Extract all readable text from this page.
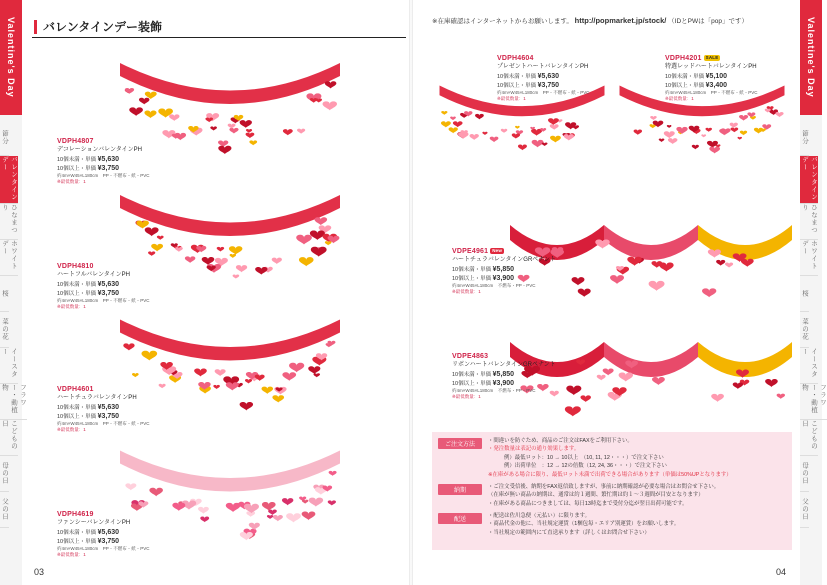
Valentine's Day
節分
バレンタインデー
ひなまつり
ホワイトデー
桜
菜の花
イースター
フラワー・動植物
こどもの日
母の日
父の日
03
バレンタインデー装飾	Valentine's Day
節分
バレンタインデー
ひなまつり
ホワイトデー
桜
菜の花
イースター
フラワー・動植物
こどもの日
母の日
父の日
04
※在庫確認はインターネットからお願いします。 http://popmarket.jp/stock/ （IDとPWは「pop」です）
VDPH4807
デコレーションバレンタインPH
10個未満・単価 ¥5,630
10個以上・単価 ¥3,750
約4m×W45×L180cm　PP・不燃布・紙・PVC
※最低数量：1
VDPH4810
ハートフルバレンタインPH
10個未満・単価 ¥5,630
10個以上・単価 ¥3,750
約4m×W45×L180cm　PP・不燃布・紙・PVC
※最低数量：1
VDPH4601
ハートチュラバレンタインPH
10個未満・単価 ¥5,630
10個以上・単価 ¥3,750
約4m×W45×L180cm　PP・不燃布・紙・PVC
※最低数量：1
VDPH4619
ファンシーバレンタインPH
10個未満・単価 ¥5,630
10個以上・単価 ¥3,750
約4m×W45×L180cm　PP・不燃布・紙・PVC
※最低数量：1
VDPH4604
プレゼントハートバレンタインPH
10個未満・単価 ¥5,630
10個以上・単価 ¥3,750
約4m×W45×L180cm　PP・不燃布・紙・PVC
※最低数量：1
VDPH4201 SALE
特選レッドハートバレンタインPH
10個未満・単価 ¥5,100
10個以上・単価 ¥3,400
約4m×W45×L180cm　PP・不燃布・紙・PVC
※最低数量：1
VDPE4961 New
ハートチュラバレンタインGRペナント
10個未満・単価 ¥5,850
10個以上・単価 ¥3,900
約4m×W45×L180cm　不燃布・PP・PVC
※最低数量：1
VDPE4863
リボンハートバレンタインGRペナント
10個未満・単価 ¥5,850
10個以上・単価 ¥3,900
約4m×W45×L180cm　不燃布・PP・PVC
※最低数量：1
ご注文方法
・間違いを防ぐため、商品のご注文はFAXをご利用下さい。
・発注数量は表記の通り効果します。
例）最低ロット：10 → 10以上　（10, 11, 12・・・）で注文下さい
例）出荷単位　：12 → 12の倍数（12, 24, 36・・・）で注文下さい
※在庫がある場合に限り、最低ロット未満で出荷できる場合があります（単価は50%UPとなります）
納期
・ご注文受信後、納期をFAX返信致しますが、事前に納期確認が必要な場合はお問合せ下さい。
（在庫が無い商品の納期は、通常は約１週間、繁忙期は約１～３週間が目安となります）
・在庫がある商品につきましては、毎日13時迄まで受付分迄が翌日出荷可能です。
配送
・配送は佐川急便（元払い）に限ります。
・商品代金の他に、当社規定運賃（1梱包毎・エリア別運賃）をお願いします。
・当社規定の範囲内にて直送承ります（詳しくはお問合せ下さい）
